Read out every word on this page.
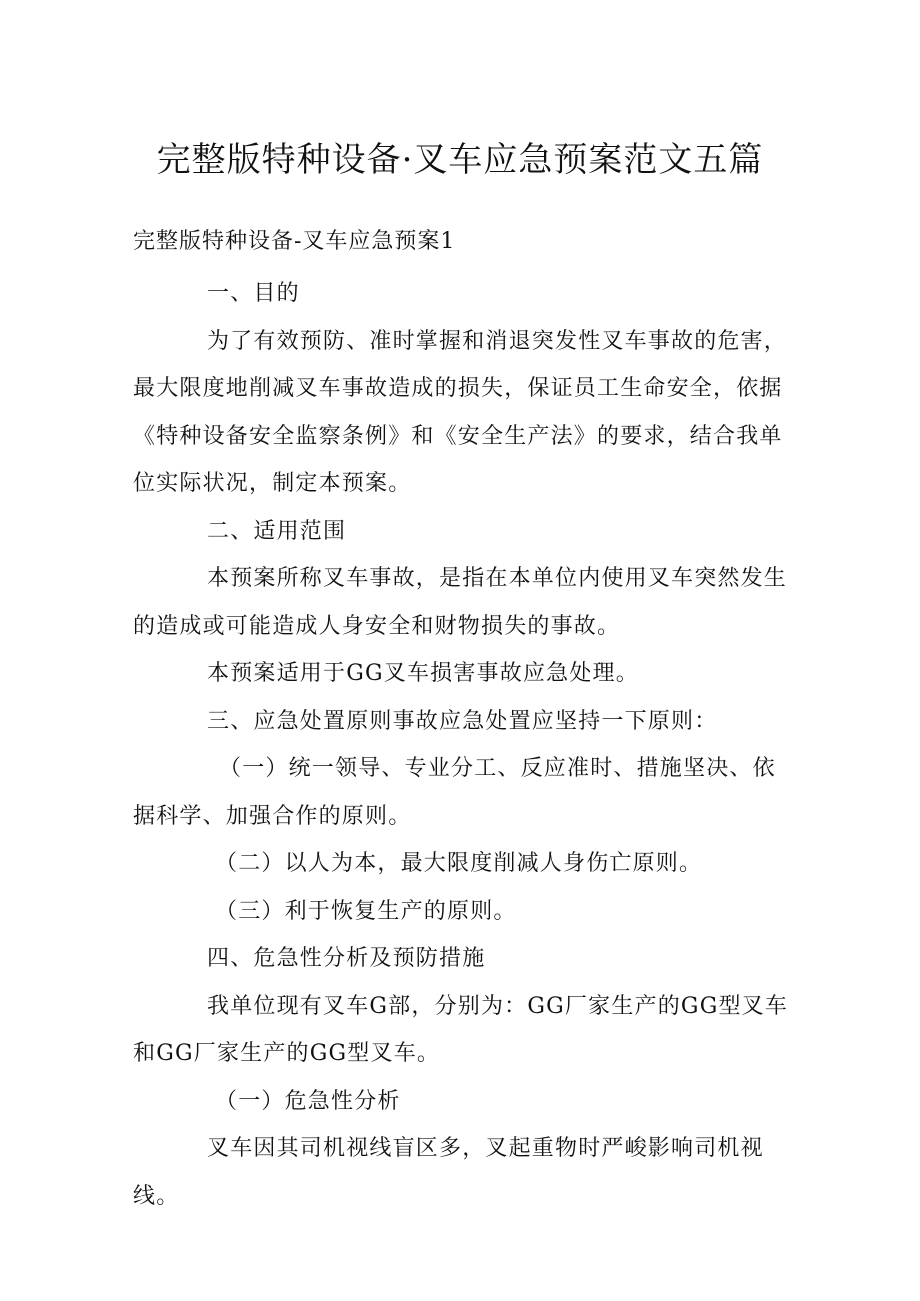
完整版特种设备·叉车应急预案范文五篇
完整版特种设备-叉车应急预案1

一、目的

为了有效预防、准时掌握和消退突发性叉车事故的危害，最大限度地削减叉车事故造成的损失，保证员工生命安全，依据《特种设备安全监察条例》和《安全生产法》的要求，结合我单位实际状况，制定本预案。

二、适用范围

本预案所称叉车事故，是指在本单位内使用叉车突然发生的造成或可能造成人身安全和财物损失的事故。

本预案适用于GG叉车损害事故应急处理。

三、应急处置原则事故应急处置应坚持一下原则：

（一）统一领导、专业分工、反应准时、措施坚决、依据科学、加强合作的原则。

（二）以人为本，最大限度削减人身伤亡原则。

（三）利于恢复生产的原则。

四、危急性分析及预防措施

我单位现有叉车G部，分别为：GG厂家生产的GG型叉车和GG厂家生产的GG型叉车。

（一）危急性分析

叉车因其司机视线盲区多，叉起重物时严峻影响司机视线。
